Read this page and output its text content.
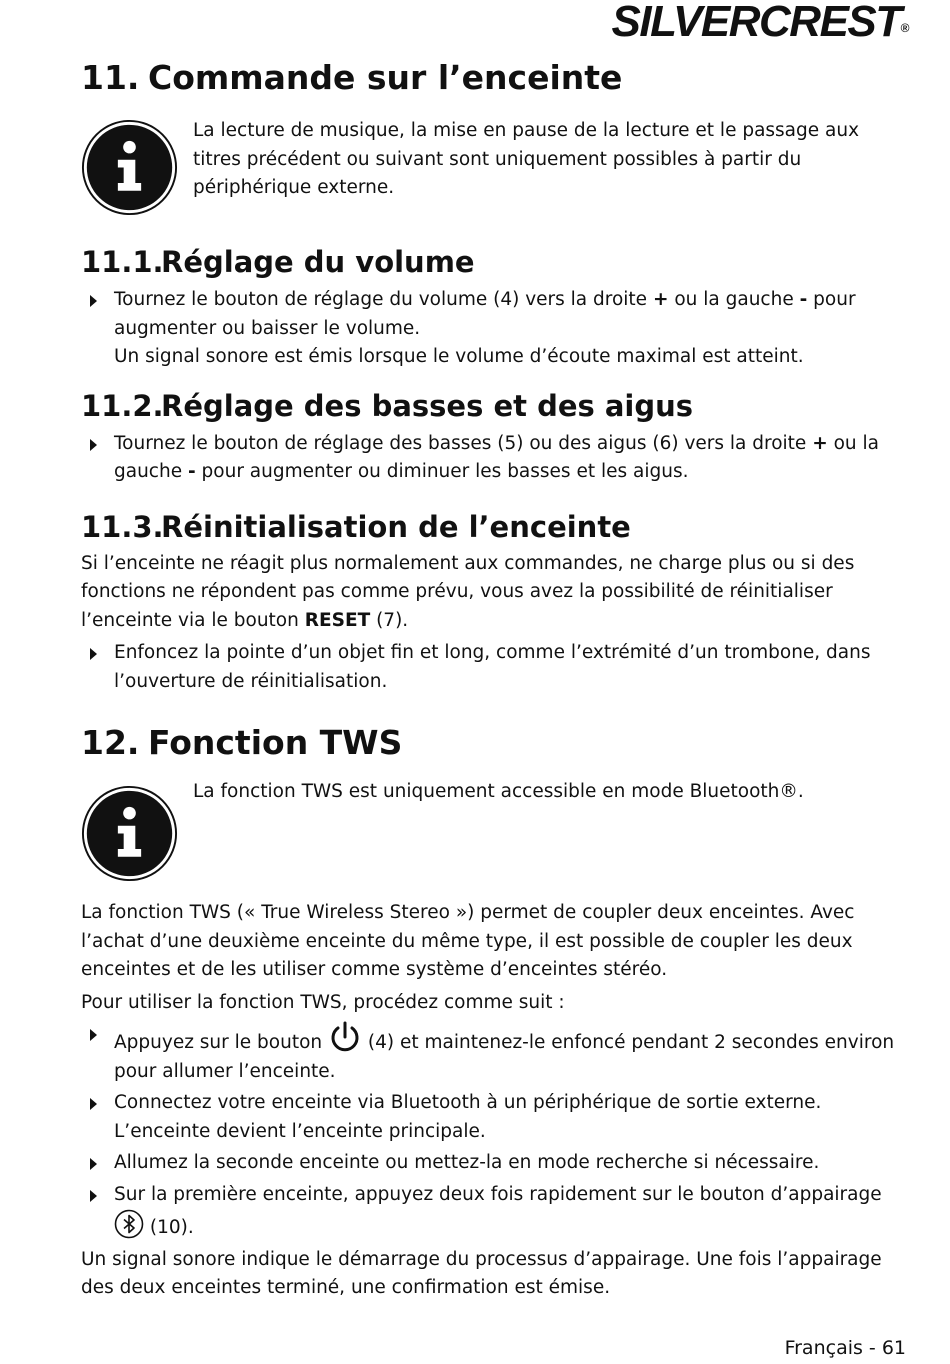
SILVERCREST®
11. Commande sur l’enceinte

La lecture de musique, la mise en pause de la lecture et le passage aux titres précédent ou suivant sont uniquement possibles à partir du périphérique externe.

11.1.
Réglage du volume
Tournez le bouton de réglage du volume (4) vers la droite + ou la gauche - pour augmenter ou baisser le volume.
Un signal sonore est émis lorsque le volume d’écoute maximal est atteint.
11.2.
Réglage des basses et des aigus
Tournez le bouton de réglage des basses (5) ou des aigus (6) vers la droite + ou la gauche - pour augmenter ou diminuer les basses et les aigus.
11.3.
Réinitialisation de l’enceinte

Si l’enceinte ne réagit plus normalement aux commandes, ne charge plus ou si des fonctions ne répondent pas comme prévu, vous avez la possibilité de réinitialiser l’enceinte via le bouton RESET (7).

Enfoncez la pointe d’un objet fin et long, comme l’extrémité d’un trombone, dans l’ouverture de réinitialisation.
12. Fonction TWS

La fonction TWS est uniquement accessible en mode Bluetooth®.

La fonction TWS (« True Wireless Stereo ») permet de coupler deux enceintes. Avec l’achat d’une deuxième enceinte du même type, il est possible de coupler les deux enceintes et de les utiliser comme système d’enceintes stéréo.

Pour utiliser la fonction TWS, procédez comme suit :

Appuyez sur le bouton  (4) et maintenez-le enfoncé pendant 2 secondes environ pour allumer l’enceinte.
Connectez votre enceinte via Bluetooth à un périphérique de sortie externe.
L’enceinte devient l’enceinte principale.
Allumez la seconde enceinte ou mettez-la en mode recherche si nécessaire.
Sur la première enceinte, appuyez deux fois rapidement sur le bouton d’appairage
(10).

Un signal sonore indique le démarrage du processus d’appairage. Une fois l’appairage des deux enceintes terminé, une confirmation est émise.

Français - 61
